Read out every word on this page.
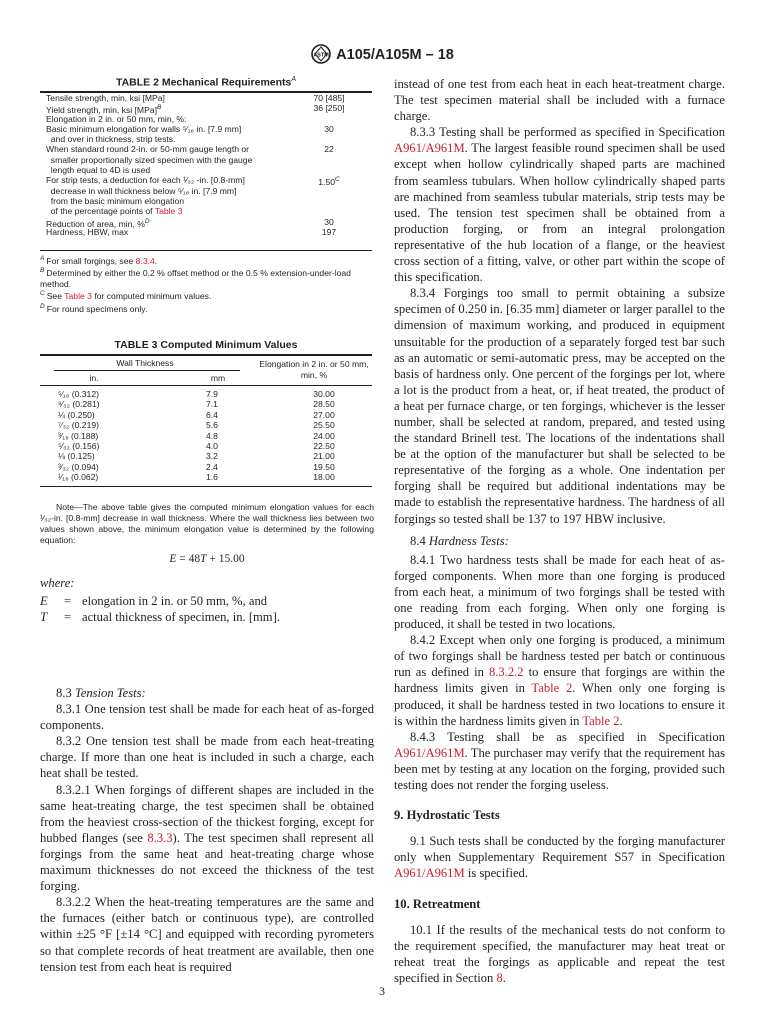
ASTM A105/A105M – 18
TABLE 2 Mechanical Requirements$^A$
Tensile strength, min, ksi [MPa]	70 [485]
Yield strength, min, ksi [MPa]$^B$	36 [250]
Elongation in 2 in. or 50 mm, min, %:
Basic minimum elongation for walls ⁵⁄₁₆ in. [7.9 mm]	30
and over in thickness, strip tests.
When standard round 2-in. or 50-mm gauge length or	22
smaller proportionally sized specimen with the gauge
length equal to 4D is used
For strip tests, a deduction for each ¹⁄₃₂ -in. [0.8-mm]	$1.50^C$
decrease in wall thickness below ⁵⁄₁₆ in. [7.9 mm]
from the basic minimum elongation
of the percentage points of Table 3
Reduction of area, min, %$^D$	30
Hardness, HBW, max	197
$^A$ For small forgings, see 8.3.4.
$^B$ Determined by either the 0.2 % offset method or the 0.5 % extension-under-load method.
$^C$ See Table 3 for computed minimum values.
$^D$ For round specimens only.
TABLE 3 Computed Minimum Values
Wall Thickness	Elongation in 2 in. or 50 mm, min, %
in.	mm
⁵⁄₁₆ (0.312)	7.9	30.00
⁹⁄₃₂ (0.281)	7.1	28.50
¼ (0.250)	6.4	27.00
⁷⁄₃₂ (0.219)	5.6	25.50
³⁄₁₆ (0.188)	4.8	24.00
⁵⁄₃₂ (0.156)	4.0	22.50
⅛ (0.125)	3.2	21.00
³⁄₃₂ (0.094)	2.4	19.50
¹⁄₁₆ (0.062)	1.6	18.00
Note—The above table gives the computed minimum elongation values for each ¹⁄₃₂-in. [0.8-mm] decrease in wall thickness. Where the wall thickness lies between two values shown above, the minimum elongation value is determined by the following equation:
E = 48T + 15.00
where:
E = elongation in 2 in. or 50 mm, %, and
T = actual thickness of specimen, in. [mm].
8.3 Tension Tests:
8.3.1 One tension test shall be made for each heat of as-forged components.
8.3.2 One tension test shall be made from each heat-treating charge. If more than one heat is included in such a charge, each heat shall be tested.
8.3.2.1 When forgings of different shapes are included in the same heat-treating charge, the test specimen shall be obtained from the heaviest cross-section of the thickest forging, except for hubbed flanges (see 8.3.3). The test specimen shall represent all forgings from the same heat and heat-treating charge whose maximum thicknesses do not exceed the thickness of the test forging.
8.3.2.2 When the heat-treating temperatures are the same and the furnaces (either batch or continuous type), are controlled within ±25 °F [±14 °C] and equipped with recording pyrometers so that complete records of heat treatment are available, then one tension test from each heat is required
instead of one test from each heat in each heat-treatment charge. The test specimen material shall be included with a furnace charge.
8.3.3 Testing shall be performed as specified in Specification A961/A961M. The largest feasible round specimen shall be used except when hollow cylindrically shaped parts are machined from seamless tubulars. When hollow cylindrically shaped parts are machined from seamless tubular materials, strip tests may be used. The tension test specimen shall be obtained from a production forging, or from an integral prolongation representative of the hub location of a flange, or the heaviest cross section of a fitting, valve, or other part within the scope of this specification.
8.3.4 Forgings too small to permit obtaining a subsize specimen of 0.250 in. [6.35 mm] diameter or larger parallel to the dimension of maximum working, and produced in equipment unsuitable for the production of a separately forged test bar such as an automatic or semi-automatic press, may be accepted on the basis of hardness only. One percent of the forgings per lot, where a lot is the product from a heat, or, if heat treated, the product of a heat per furnace charge, or ten forgings, whichever is the lesser number, shall be selected at random, prepared, and tested using the standard Brinell test. The locations of the indentations shall be at the option of the manufacturer but shall be selected to be representative of the forging as a whole. One indentation per forging shall be required but additional indentations may be made to establish the representative hardness. The hardness of all forgings so tested shall be 137 to 197 HBW inclusive.
8.4 Hardness Tests:
8.4.1 Two hardness tests shall be made for each heat of as-forged components. When more than one forging is produced from each heat, a minimum of two forgings shall be tested with one reading from each forging. When only one forging is produced, it shall be tested in two locations.
8.4.2 Except when only one forging is produced, a minimum of two forgings shall be hardness tested per batch or continuous run as defined in 8.3.2.2 to ensure that forgings are within the hardness limits given in Table 2. When only one forging is produced, it shall be hardness tested in two locations to ensure it is within the hardness limits given in Table 2.
8.4.3 Testing shall be as specified in Specification A961/A961M. The purchaser may verify that the requirement has been met by testing at any location on the forging, provided such testing does not render the forging useless.
9. Hydrostatic Tests
9.1 Such tests shall be conducted by the forging manufacturer only when Supplementary Requirement S57 in Specification A961/A961M is specified.
10. Retreatment
10.1 If the results of the mechanical tests do not conform to the requirement specified, the manufacturer may heat treat or reheat treat the forgings as applicable and repeat the test specified in Section 8.
3
